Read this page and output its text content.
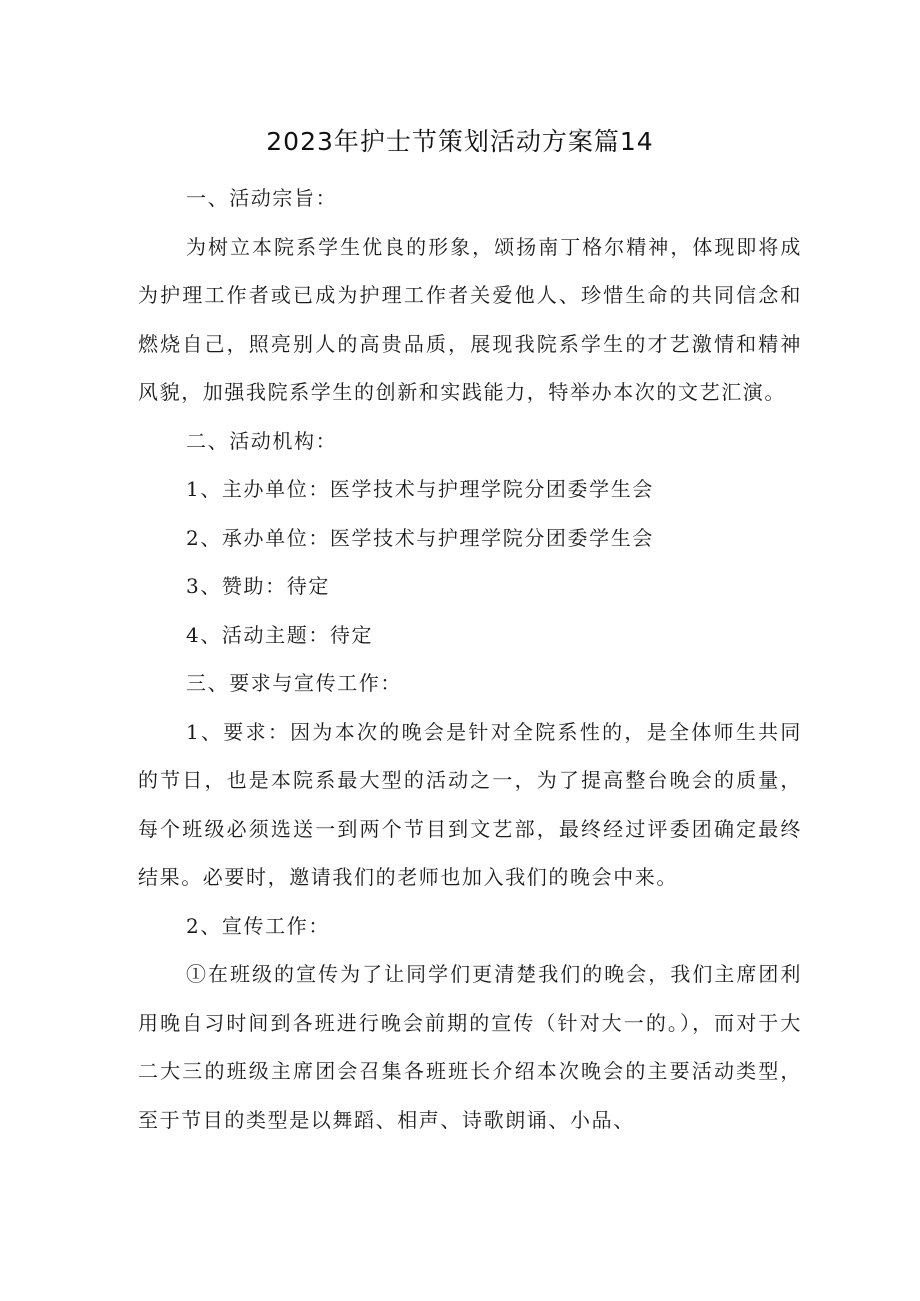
2023年护士节策划活动方案篇14

一、活动宗旨：

为树立本院系学生优良的形象，颂扬南丁格尔精神，体现即将成为护理工作者或已成为护理工作者关爱他人、珍惜生命的共同信念和燃烧自己，照亮别人的高贵品质，展现我院系学生的才艺激情和精神风貌，加强我院系学生的创新和实践能力，特举办本次的文艺汇演。

二、活动机构：

1、主办单位：医学技术与护理学院分团委学生会

2、承办单位：医学技术与护理学院分团委学生会

3、赞助：待定

4、活动主题：待定

三、要求与宣传工作：

1、要求：因为本次的晚会是针对全院系性的，是全体师生共同的节日，也是本院系最大型的活动之一，为了提高整台晚会的质量，每个班级必须选送一到两个节目到文艺部，最终经过评委团确定最终结果。必要时，邀请我们的老师也加入我们的晚会中来。

2、宣传工作：

①在班级的宣传为了让同学们更清楚我们的晚会，我们主席团利用晚自习时间到各班进行晚会前期的宣传（针对大一的。），而对于大二大三的班级主席团会召集各班班长介绍本次晚会的主要活动类型，至于节目的类型是以舞蹈、相声、诗歌朗诵、小品、
